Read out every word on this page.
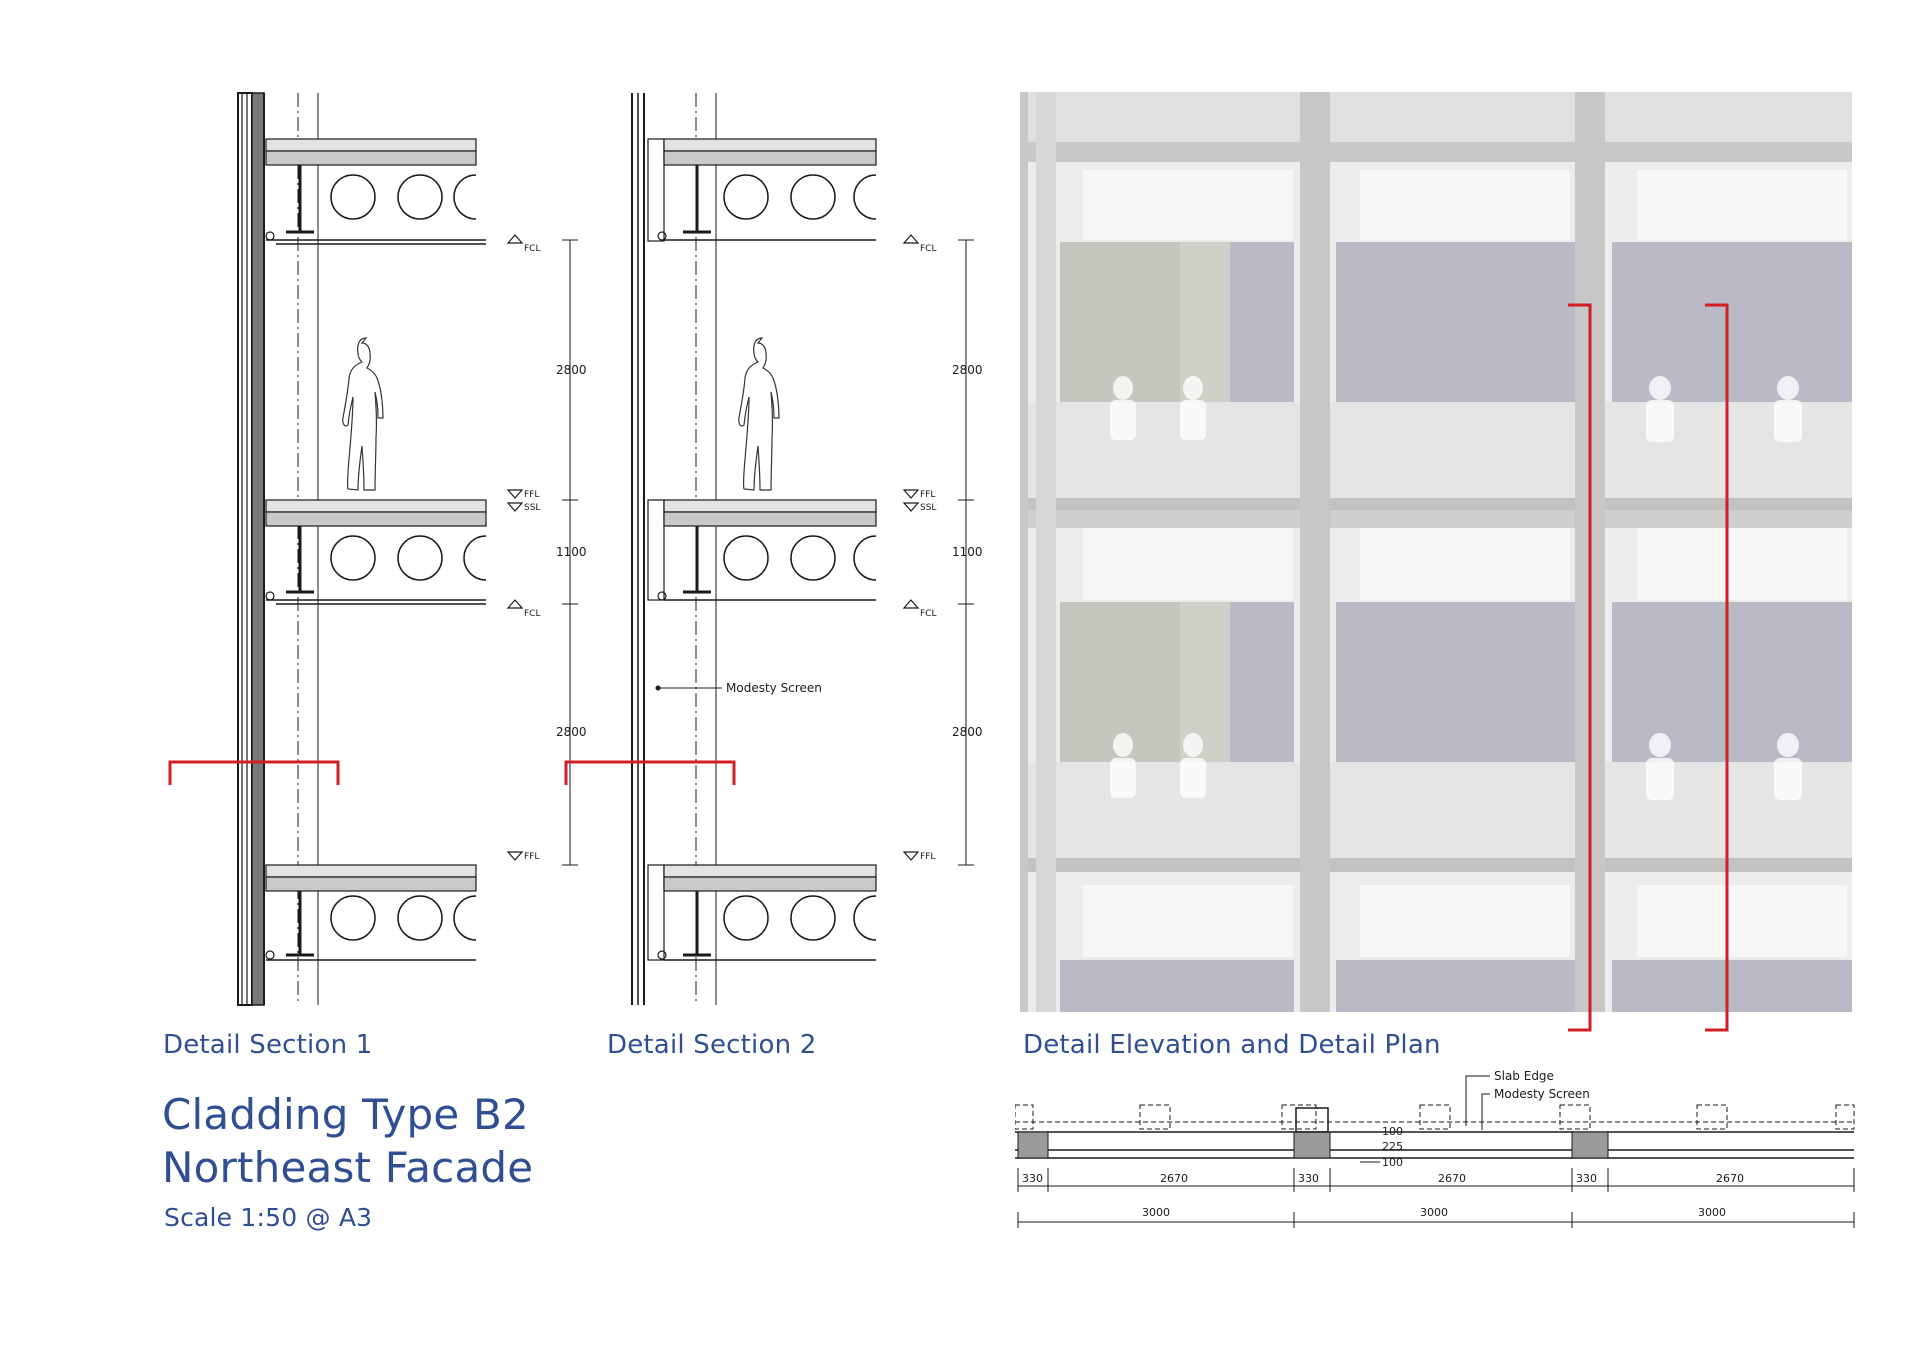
FCL
FFL
SSL
FCL
FFL
2800
1100
2800
Modesty Screen
FCL
FFL
SSL
FCL
FFL
2800
1100
2800
Slab Edge
Modesty Screen
100
225
100
330	2670	330	2670	330	2670
3000	3000	3000
Detail Section 1	Detail Section 2	Detail Elevation and Detail Plan
Cladding Type B2
Northeast Facade
Scale 1:50 @ A3
